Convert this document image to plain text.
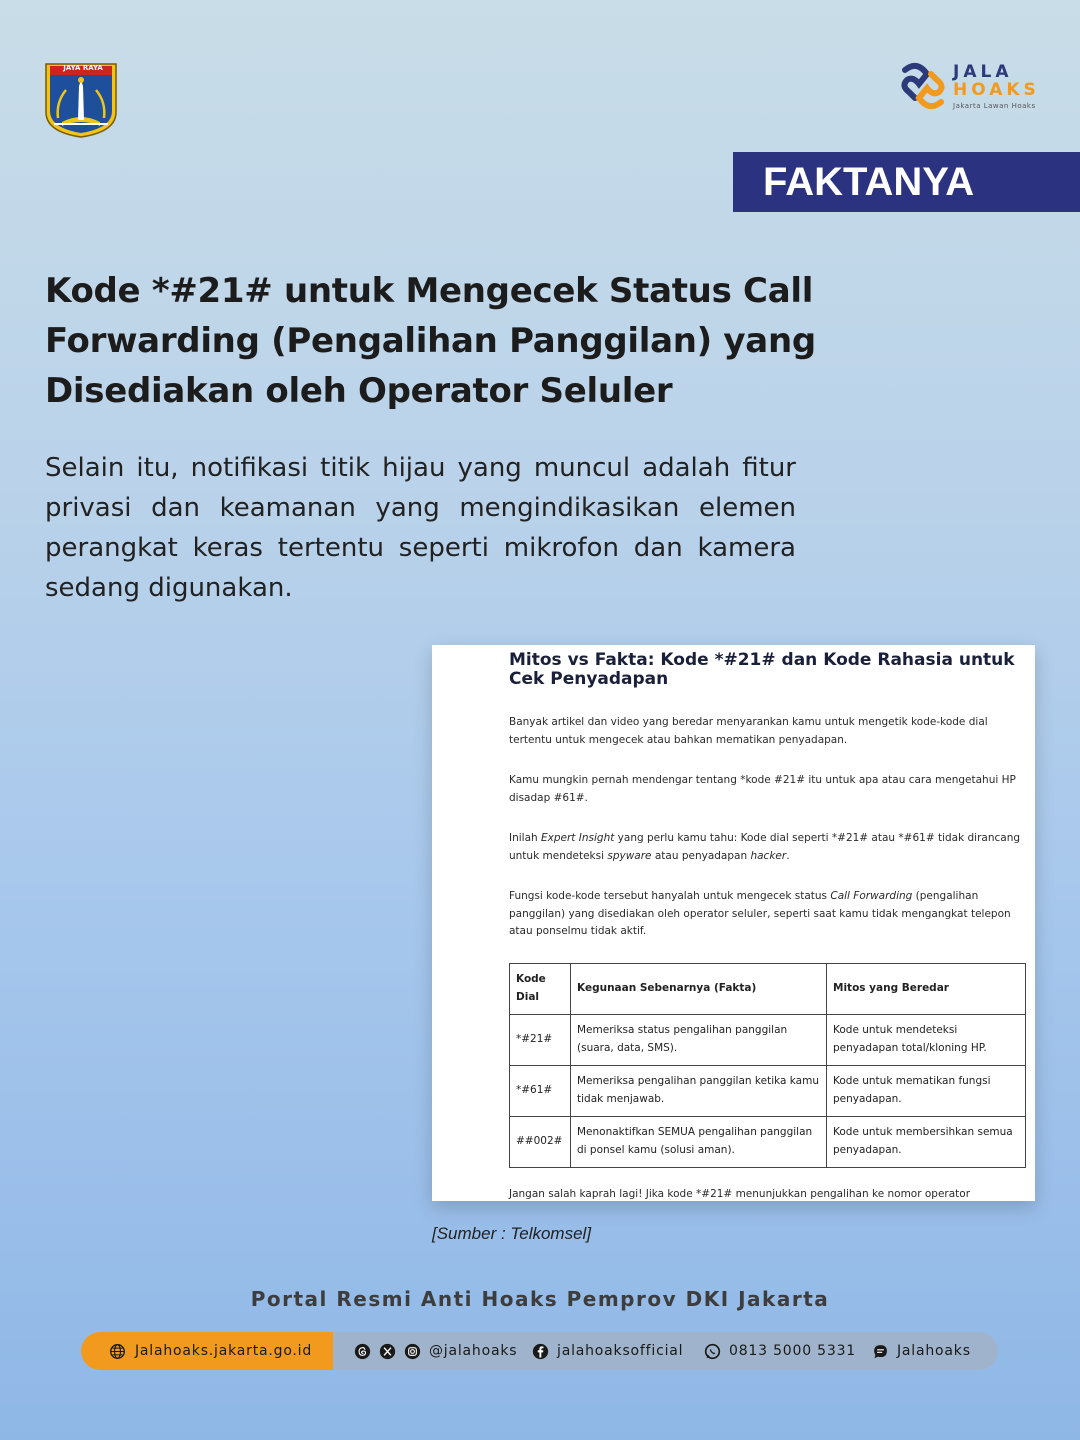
JAYA RAYA	JALA
HOAKS
Jakarta Lawan Hoaks
FAKTANYA
Kode *#21# untuk Mengecek Status Call Forwarding (Pengalihan Panggilan) yang Disediakan oleh Operator Seluler
Selain itu, notifikasi titik hijau yang muncul adalah fitur privasi dan keamanan yang mengindikasikan elemen perangkat keras tertentu seperti mikrofon dan kamera sedang digunakan.
Mitos vs Fakta: Kode *#21# dan Kode Rahasia untuk Cek Penyadapan

Banyak artikel dan video yang beredar menyarankan kamu untuk mengetik kode-kode dial tertentu untuk mengecek atau bahkan mematikan penyadapan.

Kamu mungkin pernah mendengar tentang *kode #21# itu untuk apa atau cara mengetahui HP disadap #61#.

Inilah Expert Insight yang perlu kamu tahu: Kode dial seperti *#21# atau *#61# tidak dirancang untuk mendeteksi spyware atau penyadapan hacker.

Fungsi kode-kode tersebut hanyalah untuk mengecek status Call Forwarding (pengalihan panggilan) yang disediakan oleh operator seluler, seperti saat kamu tidak mengangkat telepon atau ponselmu tidak aktif.

Kode Dial	Kegunaan Sebenarnya (Fakta)	Mitos yang Beredar
*#21#	Memeriksa status pengalihan panggilan (suara, data, SMS).	Kode untuk mendeteksi penyadapan total/kloning HP.
*#61#	Memeriksa pengalihan panggilan ketika kamu tidak menjawab.	Kode untuk mematikan fungsi penyadapan.
##002#	Menonaktifkan SEMUA pengalihan panggilan di ponsel kamu (solusi aman).	Kode untuk membersihkan semua penyadapan.

Jangan salah kaprah lagi! Jika kode *#21# menunjukkan pengalihan ke nomor operator

[Sumber : Telkomsel]
Portal Resmi Anti Hoaks Pemprov DKI Jakarta
Jalahoaks.jakarta.go.id	@jalahoaks	jalahoaksofficial	0813 5000 5331	Jalahoaks
